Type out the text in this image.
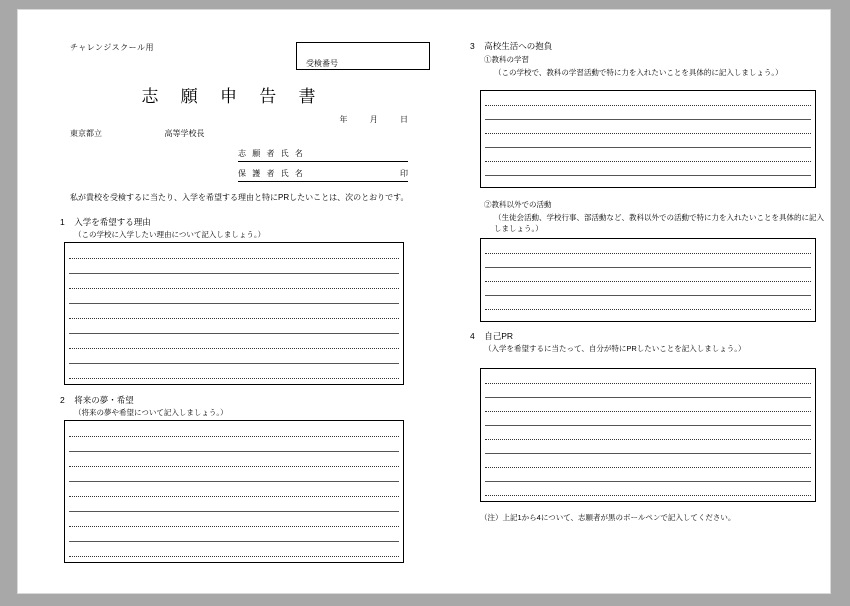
チャレンジスクール用
受検番号
志 願 申 告 書
年	月	日
東京都立	高等学校長
志 願 者 氏 名
保 護 者 氏 名	印
私が貴校を受検するに当たり、入学を希望する理由と特にPRしたいことは、次のとおりです。
1 入学を希望する理由
（この学校に入学したい理由について記入しましょう。）
2 将来の夢・希望
（将来の夢や希望について記入しましょう。）
3 高校生活への抱負
①教科の学習
（この学校で、教科の学習活動で特に力を入れたいことを具体的に記入しましょう。）
②教科以外での活動
（生徒会活動、学校行事、部活動など、教科以外での活動で特に力を入れたいことを具体的に記入しましょう。）
4 自己PR
（入学を希望するに当たって、自分が特にPRしたいことを記入しましょう。）
（注）上記1から4について、志願者が黒のボールペンで記入してください。
